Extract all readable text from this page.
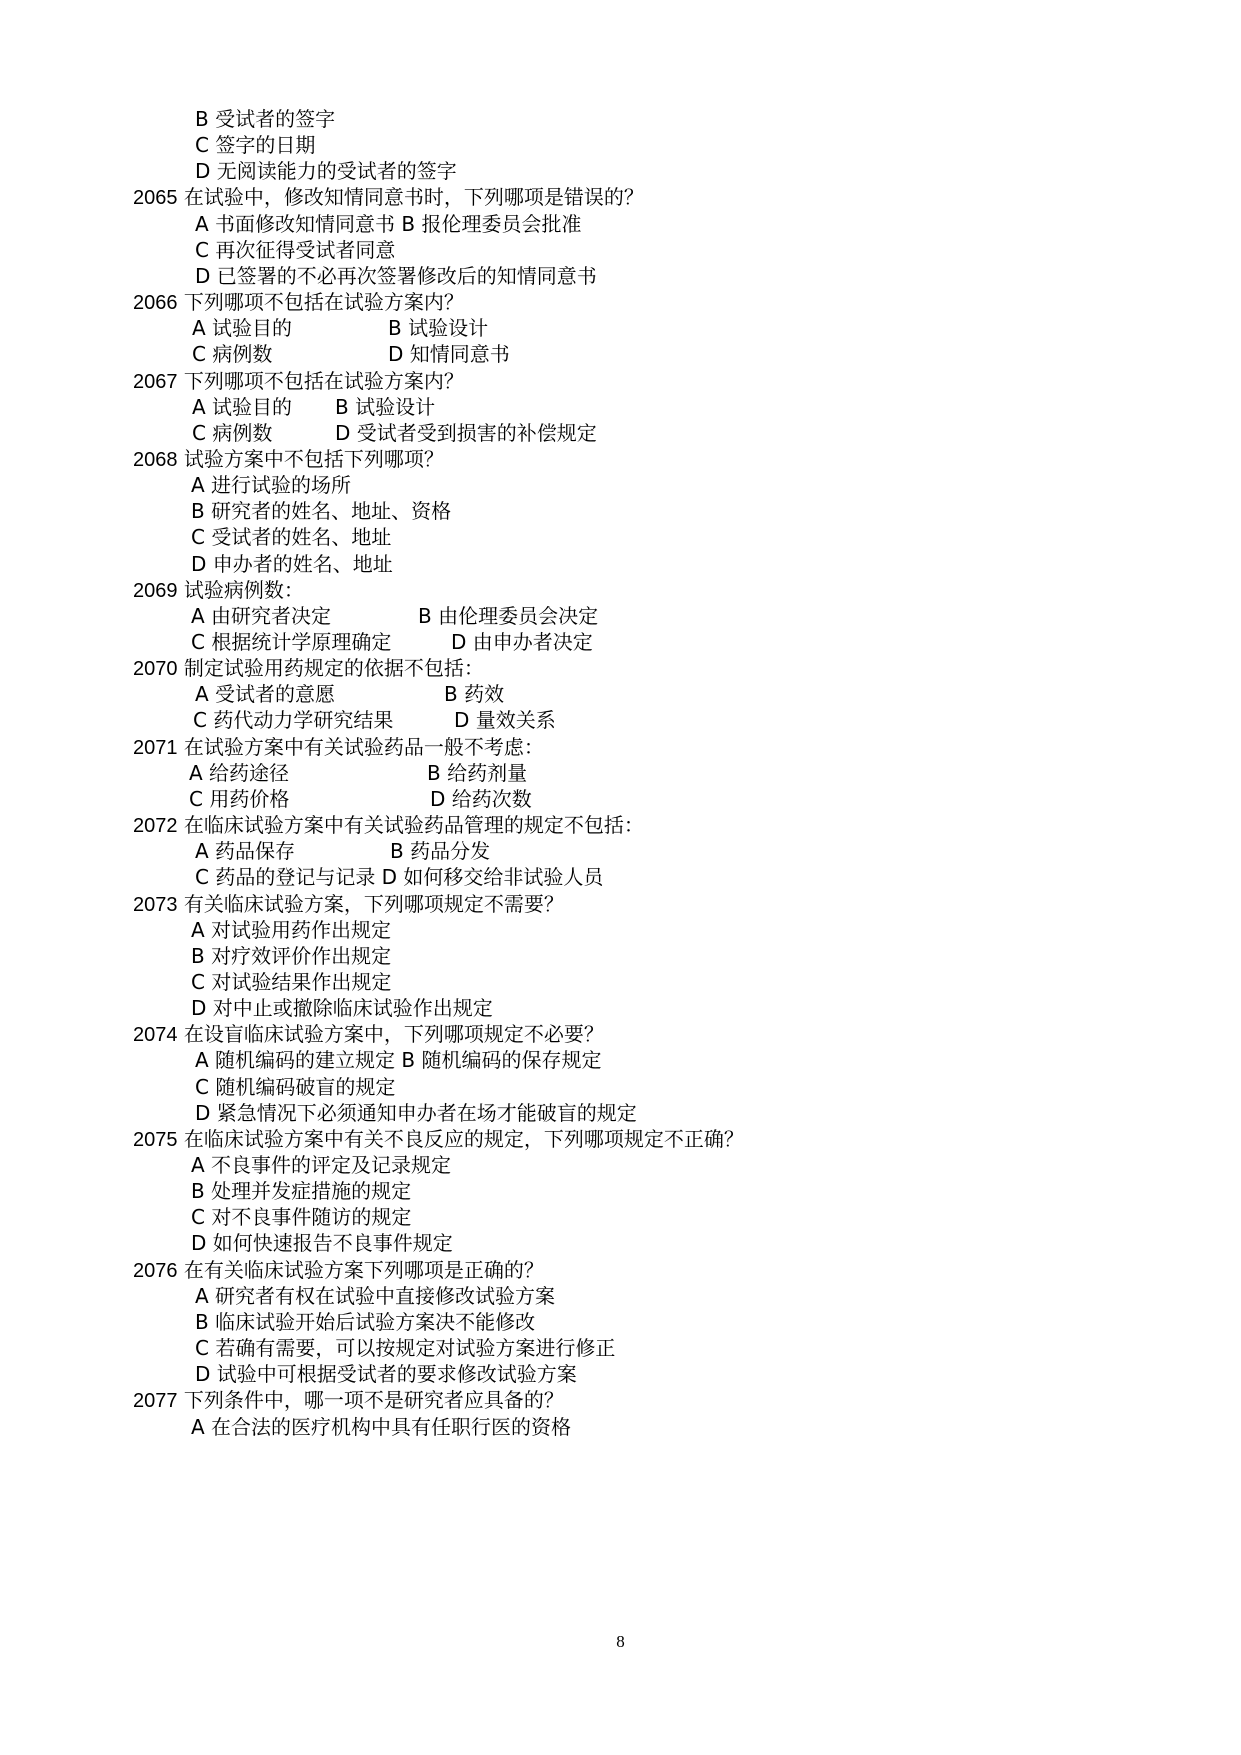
B 受试者的签字
C 签字的日期
D 无阅读能力的受试者的签字
2065 在试验中，修改知情同意书时，下列哪项是错误的？
A 书面修改知情同意书 B 报伦理委员会批准
C 再次征得受试者同意
D 已签署的不必再次签署修改后的知情同意书
2066 下列哪项不包括在试验方案内？
A 试验目的	B 试验设计
C 病例数	D 知情同意书
2067 下列哪项不包括在试验方案内？
A 试验目的 B 试验设计
C 病例数	D 受试者受到损害的补偿规定
2068 试验方案中不包括下列哪项？
A 进行试验的场所
B 研究者的姓名、地址、资格
C 受试者的姓名、地址
D 申办者的姓名、地址
2069 试验病例数：
A 由研究者决定	B 由伦理委员会决定
C 根据统计学原理确定	D 由申办者决定
2070 制定试验用药规定的依据不包括：
A 受试者的意愿	B 药效
C 药代动力学研究结果	D 量效关系
2071 在试验方案中有关试验药品一般不考虑：
A 给药途径	B 给药剂量
C 用药价格	D 给药次数
2072 在临床试验方案中有关试验药品管理的规定不包括：
A 药品保存	B 药品分发
C 药品的登记与记录 D 如何移交给非试验人员
2073 有关临床试验方案，下列哪项规定不需要？
A 对试验用药作出规定
B 对疗效评价作出规定
C 对试验结果作出规定
D 对中止或撤除临床试验作出规定
2074 在设盲临床试验方案中，下列哪项规定不必要？
A 随机编码的建立规定 B 随机编码的保存规定
C 随机编码破盲的规定
D 紧急情况下必须通知申办者在场才能破盲的规定
2075 在临床试验方案中有关不良反应的规定，下列哪项规定不正确？
A 不良事件的评定及记录规定
B 处理并发症措施的规定
C 对不良事件随访的规定
D 如何快速报告不良事件规定
2076 在有关临床试验方案下列哪项是正确的？
A 研究者有权在试验中直接修改试验方案
B 临床试验开始后试验方案决不能修改
C 若确有需要，可以按规定对试验方案进行修正
D 试验中可根据受试者的要求修改试验方案
2077 下列条件中，哪一项不是研究者应具备的？
A 在合法的医疗机构中具有任职行医的资格
8
